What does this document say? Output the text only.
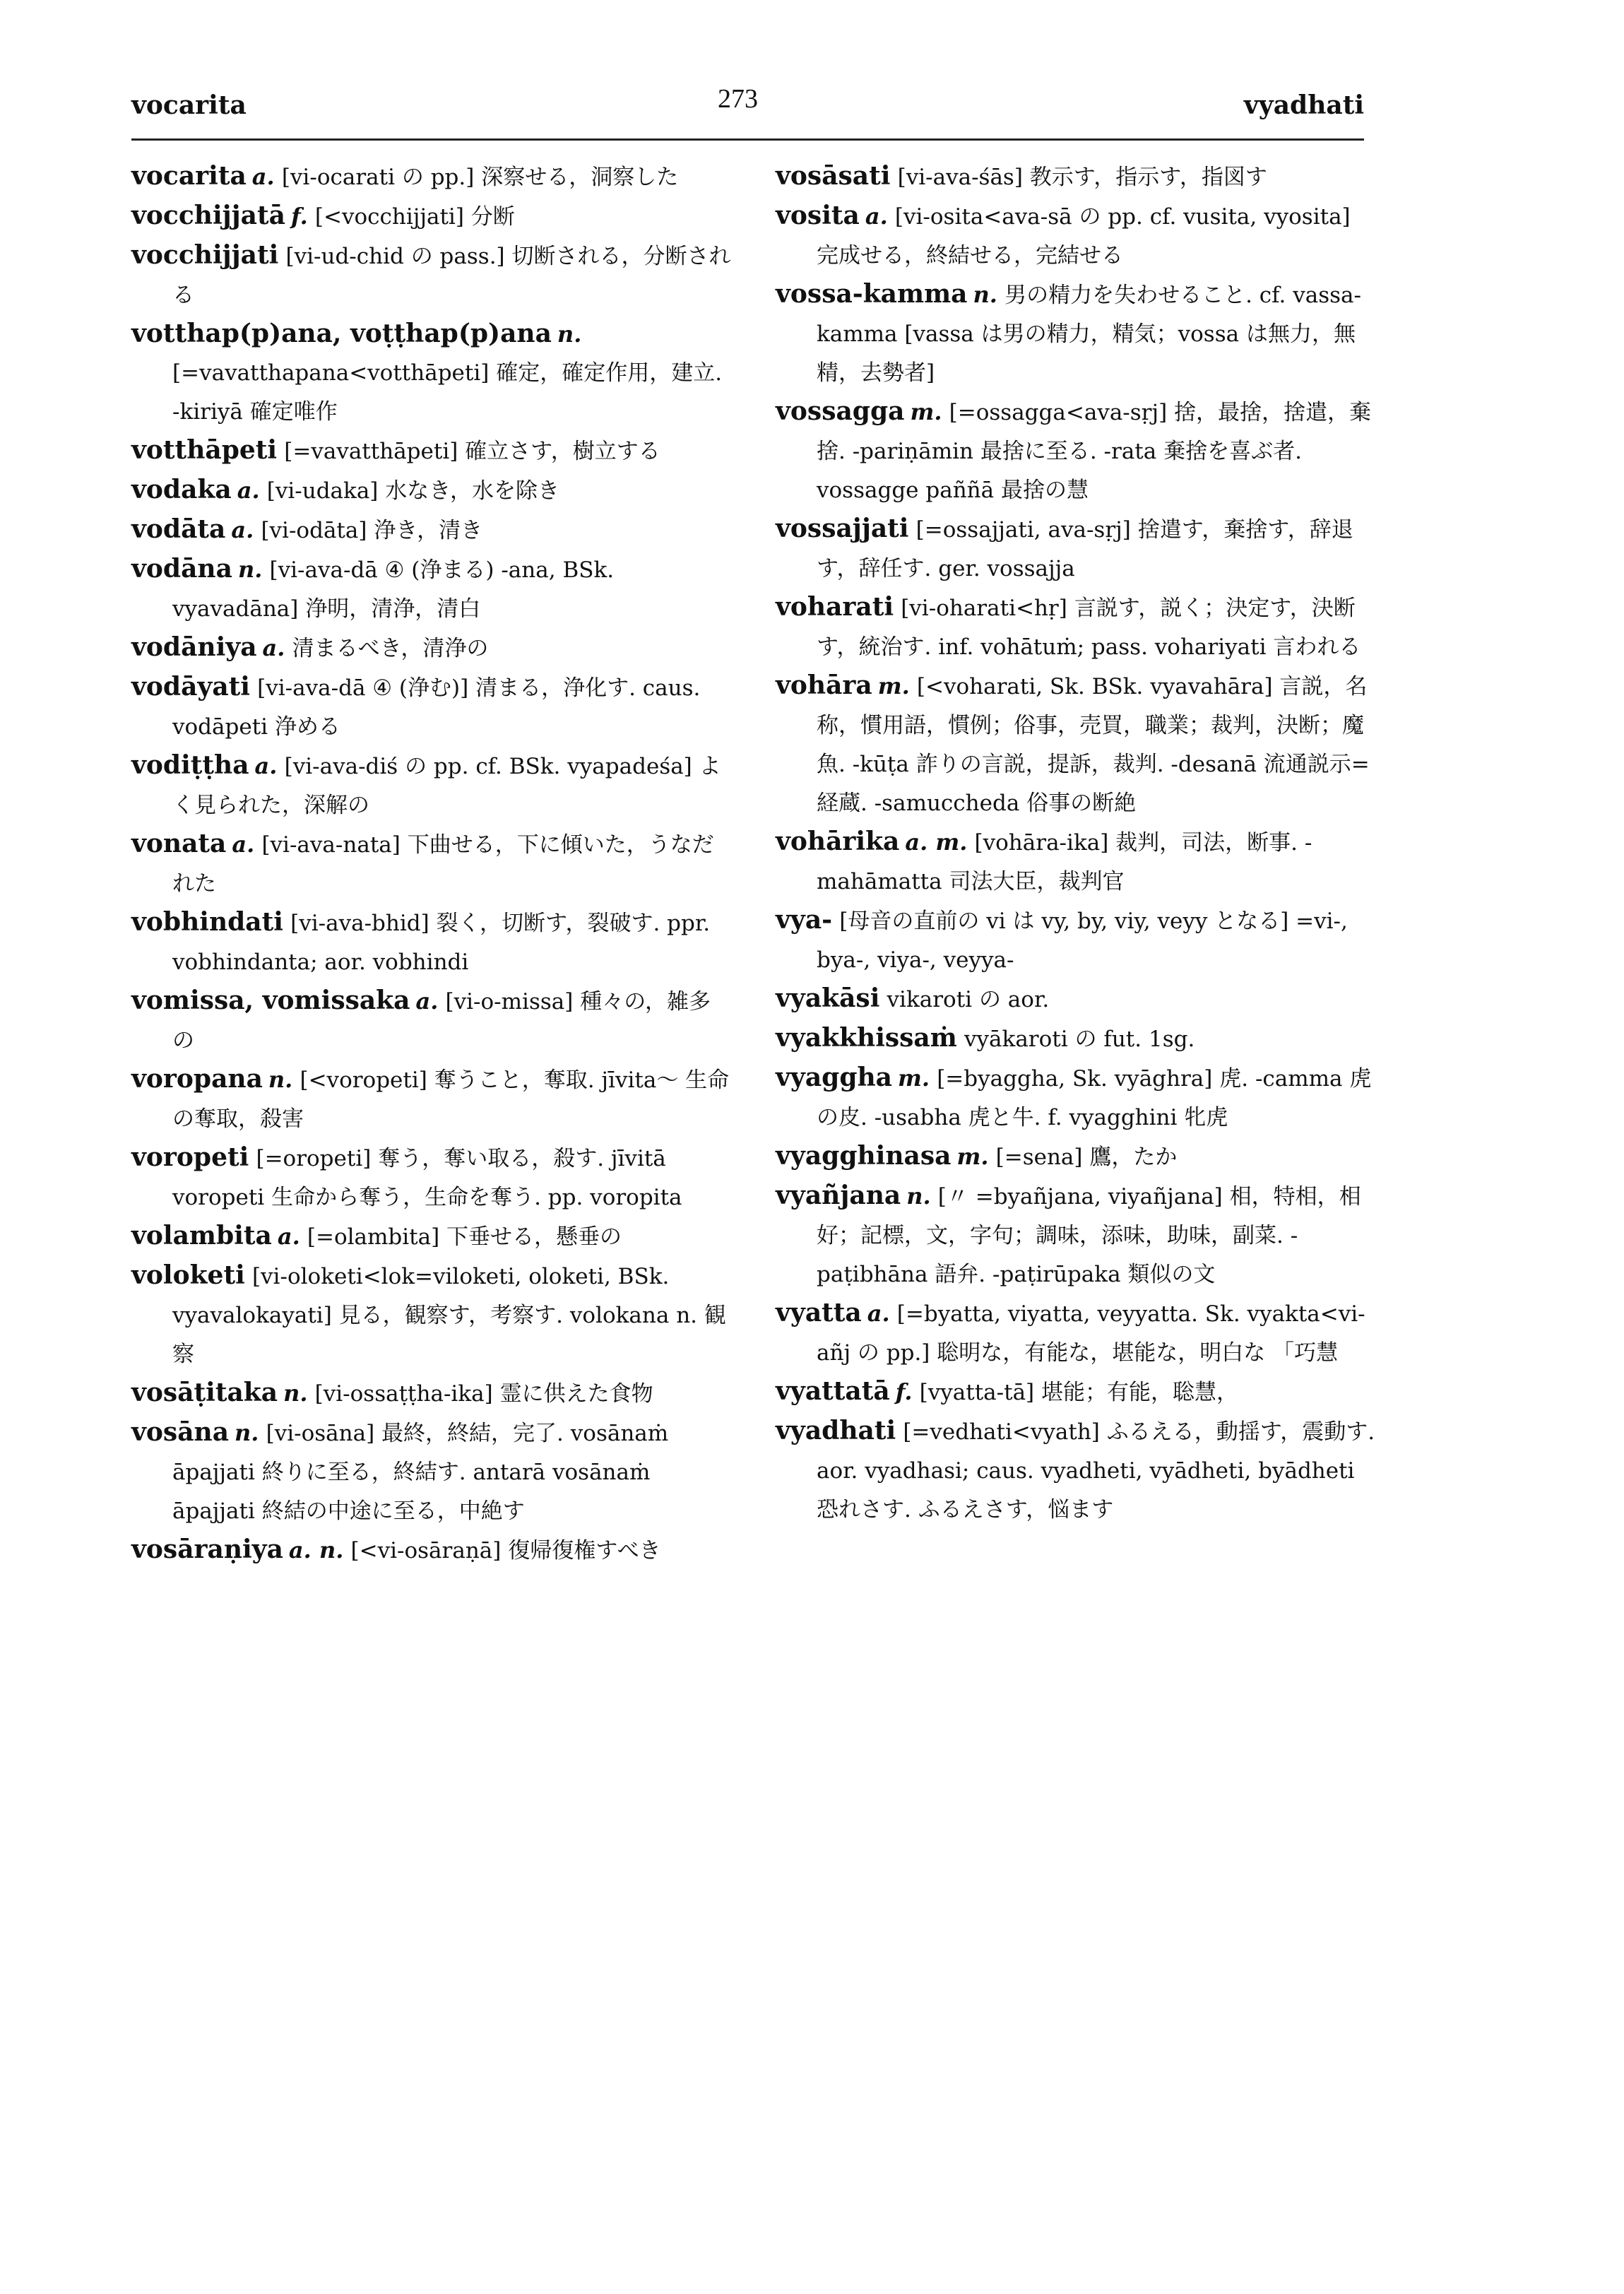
vocarita	273	vyadhati

vocarita a. [vi-ocarati の pp.] 深察せる，洞察した

vocchijjatā f. [<vocchijjati] 分断

vocchijjati [vi-ud-chid の pass.] 切断される，分断される

votthap(p)ana, voṭṭhap(p)ana n. [=vavatthapana<votthāpeti] 確定，確定作用，建立. -kiriyā 確定唯作

votthāpeti [=vavatthāpeti] 確立さす，樹立する

vodaka a. [vi-udaka] 水なき，水を除き

vodāta a. [vi-odāta] 浄き，清き

vodāna n. [vi-ava-dā ④ (浄まる) -ana, BSk. vyavadāna] 浄明，清浄，清白

vodāniya a. 清まるべき，清浄の

vodāyati [vi-ava-dā ④ (浄む)] 清まる，浄化す. caus. vodāpeti 浄める

vodiṭṭha a. [vi-ava-diś の pp. cf. BSk. vyapadeśa] よく見られた，深解の

vonata a. [vi-ava-nata] 下曲せる，下に傾いた，うなだれた

vobhindati [vi-ava-bhid] 裂く，切断す，裂破す. ppr. vobhindanta; aor. vobhindi

vomissa, vomissaka a. [vi-o-missa] 種々の，雑多の

voropana n. [<voropeti] 奪うこと，奪取. jīvita～ 生命の奪取，殺害

voropeti [=oropeti] 奪う，奪い取る，殺す. jīvitā voropeti 生命から奪う，生命を奪う. pp. voropita

volambita a. [=olambita] 下垂せる，懸垂の

voloketi [vi-oloketi<lok=viloketi, oloketi, BSk. vyavalokayati] 見る，観察す，考察す. volokana n. 観察

vosāṭitaka n. [vi-ossaṭṭha-ika] 霊に供えた食物

vosāna n. [vi-osāna] 最終，終結，完了. vosānaṁ āpajjati 終りに至る，終結す. antarā vosānaṁ āpajjati 終結の中途に至る，中絶す

vosāraṇiya a. n. [<vi-osāraṇā] 復帰復権すべき

vosāsati [vi-ava-śās] 教示す，指示す，指図す

vosita a. [vi-osita<ava-sā の pp. cf. vusita, vyosita] 完成せる，終結せる，完結せる

vossa-kamma n. 男の精力を失わせること. cf. vassa-kamma [vassa は男の精力，精気；vossa は無力，無精，去勢者]

vossagga m. [=ossagga<ava-sṛj] 捨，最捨，捨遣，棄捨. -pariṇāmin 最捨に至る. -rata 棄捨を喜ぶ者. vossagge paññā 最捨の慧

vossajjati [=ossajjati, ava-sṛj] 捨遣す，棄捨す，辞退す，辞任す. ger. vossajja

voharati [vi-oharati<hṛ] 言説す，説く；決定す，決断す，統治す. inf. vohātuṁ; pass. vohariyati 言われる

vohāra m. [<voharati, Sk. BSk. vyavahāra] 言説，名称，慣用語，慣例；俗事，売買，職業；裁判，決断；魔魚. -kūṭa 詐りの言説，提訴，裁判. -desanā 流通説示=経蔵. -samuccheda 俗事の断絶

vohārika a. m. [vohāra-ika] 裁判，司法，断事. -mahāmatta 司法大臣，裁判官

vya- [母音の直前の vi は vy, by, viy, veyy となる] =vi-, bya-, viya-, veyya-

vyakāsi vikaroti の aor.

vyakkhissaṁ vyākaroti の fut. 1sg.

vyaggha m. [=byaggha, Sk. vyāghra] 虎. -camma 虎の皮. -usabha 虎と牛. f. vyagghini 牝虎

vyagghinasa m. [=sena] 鷹，たか

vyañjana n. [〃 =byañjana, viyañjana] 相，特相，相好；記標，文，字句；調味，添味，助味，副菜. -paṭibhāna 語弁. -paṭirūpaka 類似の文

vyatta a. [=byatta, viyatta, veyyatta. Sk. vyakta<vi-añj の pp.] 聡明な，有能な，堪能な，明白な 「巧慧

vyattatā f. [vyatta-tā] 堪能；有能，聡慧，

vyadhati [=vedhati<vyath] ふるえる，動揺す，震動す. aor. vyadhasi; caus. vyadheti, vyādheti, byādheti 恐れさす. ふるえさす，悩ます
